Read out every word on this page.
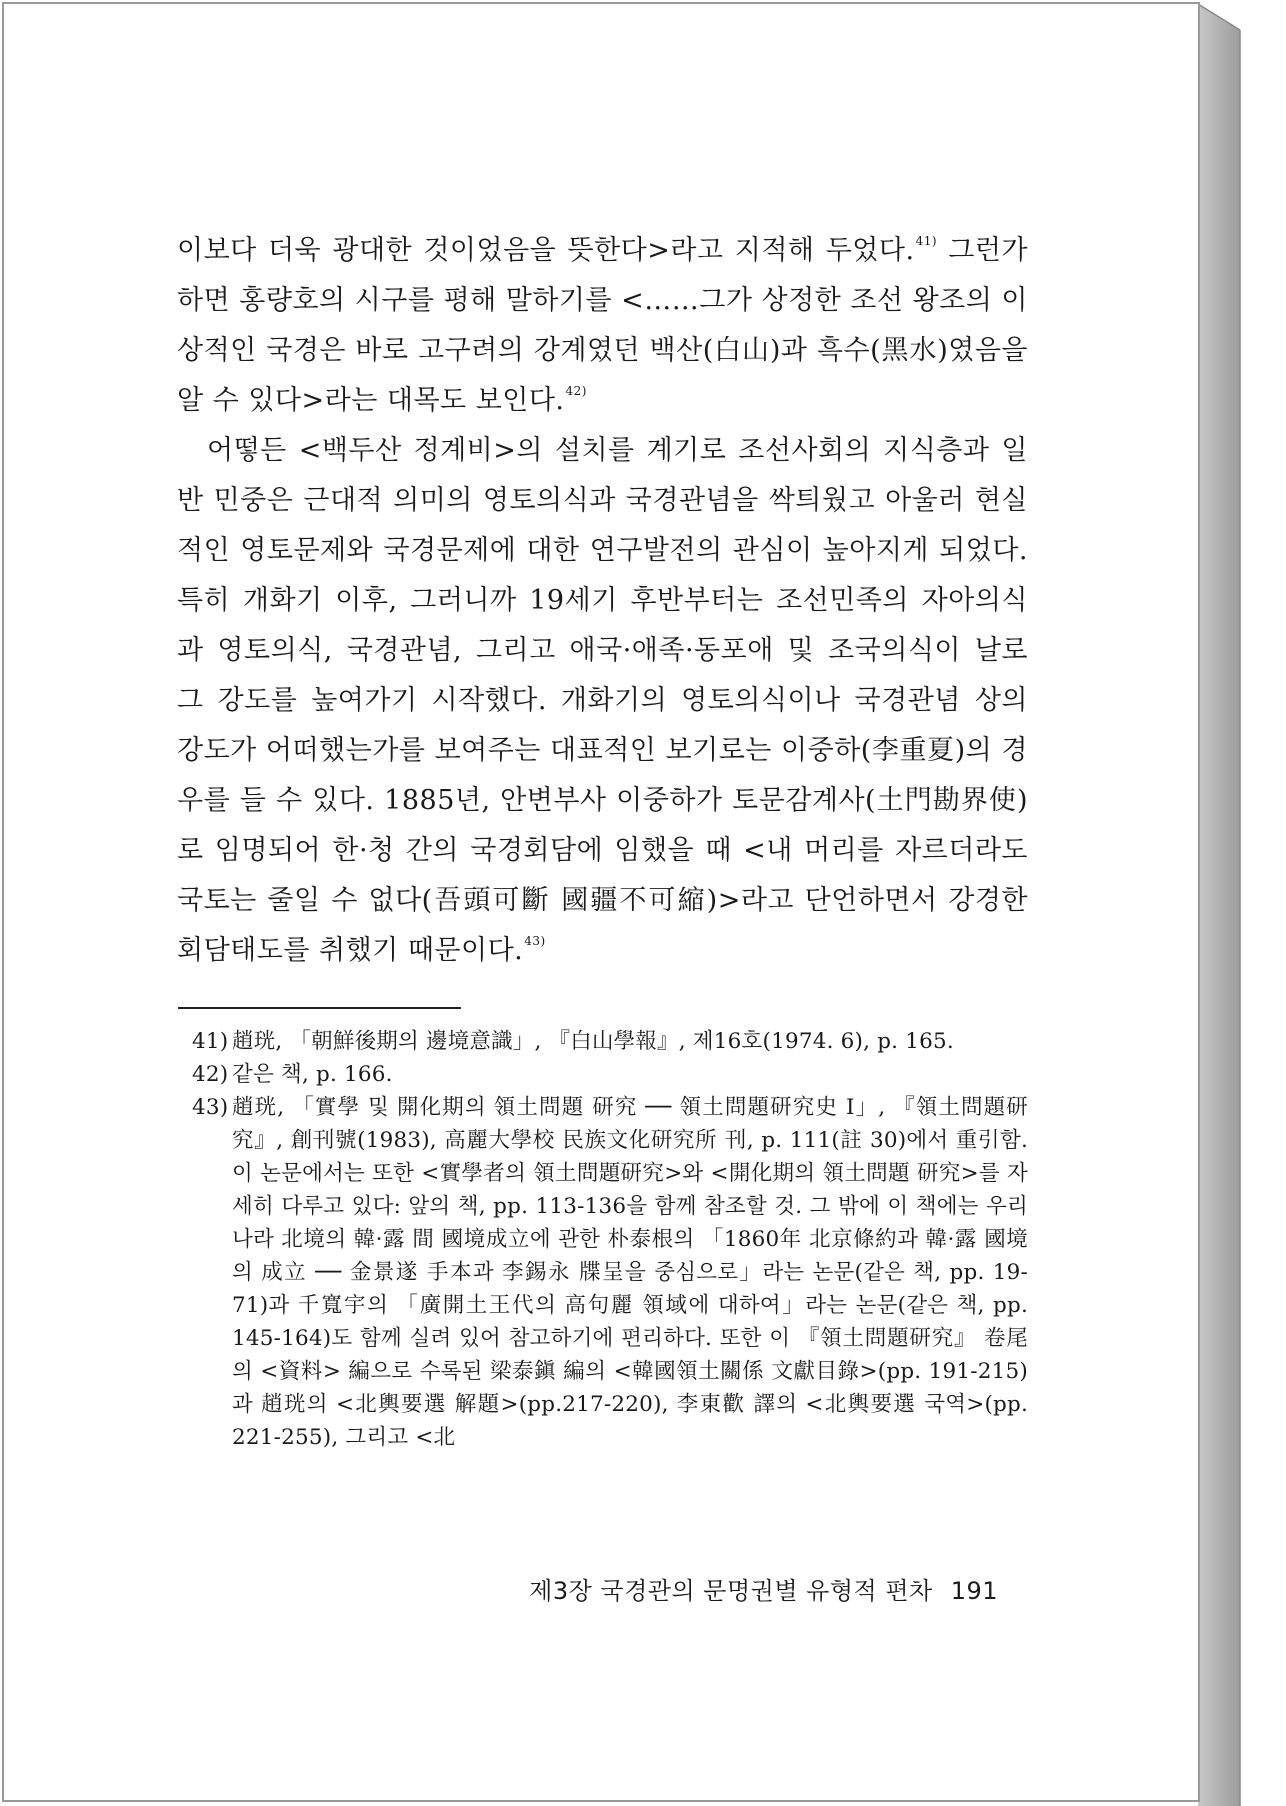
이보다 더욱 광대한 것이었음을 뜻한다>라고 지적해 두었다.$^{41)}$ 그런가 하면 홍량호의 시구를 평해 말하기를 <……그가 상정한 조선 왕조의 이상적인 국경은 바로 고구려의 강계였던 백산(白山)과 흑수(黑水)였음을 알 수 있다>라는 대목도 보인다.$^{42)}$

어떻든 <백두산 정계비>의 설치를 계기로 조선사회의 지식층과 일반 민중은 근대적 의미의 영토의식과 국경관념을 싹틔웠고 아울러 현실적인 영토문제와 국경문제에 대한 연구발전의 관심이 높아지게 되었다. 특히 개화기 이후, 그러니까 19세기 후반부터는 조선민족의 자아의식과 영토의식, 국경관념, 그리고 애국·애족·동포애 및 조국의식이 날로 그 강도를 높여가기 시작했다. 개화기의 영토의식이나 국경관념 상의 강도가 어떠했는가를 보여주는 대표적인 보기로는 이중하(李重夏)의 경우를 들 수 있다. 1885년, 안변부사 이중하가 토문감계사(土門勘界使)로 임명되어 한·청 간의 국경회담에 임했을 때 <내 머리를 자르더라도 국토는 줄일 수 없다(吾頭可斷 國疆不可縮)>라고 단언하면서 강경한 회담태도를 취했기 때문이다.$^{43)}$

41) 趙珖, 「朝鮮後期의 邊境意識」, 『白山學報』, 제16호(1974. 6), p. 165.
42) 같은 책, p. 166.
43) 趙珖, 「實學 및 開化期의 領土問題 研究 ── 領土問題研究史 I」, 『領土問題研究』, 創刊號(1983), 高麗大學校 民族文化研究所 刊, p. 111(註 30)에서 重引함. 이 논문에서는 또한 <實學者의 領土問題研究>와 <開化期의 領土問題 研究>를 자세히 다루고 있다: 앞의 책, pp. 113-136을 함께 참조할 것. 그 밖에 이 책에는 우리나라 北境의 韓·露 間 國境成立에 관한 朴泰根의 「1860年 北京條約과 韓·露 國境의 成立 ── 金景遂 手本과 李錫永 牒呈을 중심으로」라는 논문(같은 책, pp. 19-71)과 千寬宇의 「廣開土王代의 高句麗 領域에 대하여」라는 논문(같은 책, pp. 145-164)도 함께 실려 있어 참고하기에 편리하다. 또한 이 『領土問題研究』 卷尾의 <資料> 編으로 수록된 梁泰鎭 編의 <韓國領土關係 文獻目錄>(pp. 191-215)과 趙珖의 <北輿要選 解題>(pp.217-220), 李東歡 譯의 <北輿要選 국역>(pp. 221-255), 그리고 <北
제3장 국경관의 문명권별 유형적 편차 191
